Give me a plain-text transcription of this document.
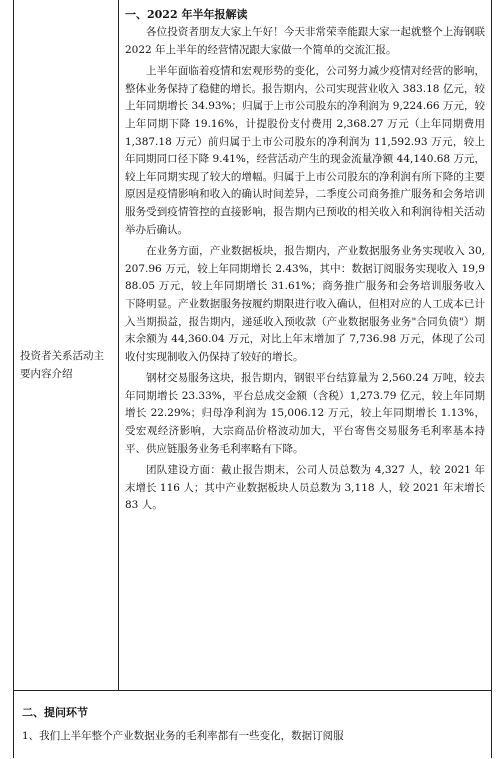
投资者关系活动主要内容介绍

一、2022 年半年报解读

各位投资者朋友大家上午好！今天非常荣幸能跟大家一起就整个上海钢联 2022 年上半年的经营情况跟大家做一个简单的交流汇报。

上半年面临着疫情和宏观形势的变化，公司努力减少疫情对经营的影响，整体业务保持了稳健的增长。报告期内，公司实现营业收入 383.18 亿元，较上年同期增长 34.93%；归属于上市公司股东的净利润为 9,224.66 万元，较上年同期下降 19.16%，计提股份支付费用 2,368.27 万元（上年同期费用 1,387.18 万元）前归属于上市公司股东的净利润为 11,592.93 万元，较上年同期同口径下降 9.41%，经营活动产生的现金流量净额 44,140.68 万元，较上年同期实现了较大的增幅。归属于上市公司股东的净利润有所下降的主要原因是疫情影响和收入的确认时间差异，二季度公司商务推广服务和会务培训服务受到疫情管控的直接影响，报告期内已预收的相关收入和利润待相关活动举办后确认。

在业务方面，产业数据板块，报告期内，产业数据服务业务实现收入 30,207.96 万元，较上年同期增长 2.43%，其中：数据订阅服务实现收入 19,988.05 万元，较上年同期增长 31.61%；商务推广服务和会务培训服务收入下降明显。产业数据服务按履约期限进行收入确认，但相对应的人工成本已计入当期损益，报告期内，递延收入预收款（产业数据服务业务"合同负债"）期末余额为 44,360.04 万元，对比上年末增加了 7,736.98 万元，体现了公司收付实现制收入仍保持了较好的增长。

钢材交易服务这块，报告期内，钢银平台结算量为 2,560.24 万吨，较去年同期增长 23.33%，平台总成交金额（含税）1,273.79 亿元，较上年同期增长 22.29%；归母净利润为 15,006.12 万元，较上年同期增长 1.13%，受宏观经济影响，大宗商品价格波动加大，平台寄售交易服务毛利率基本持平、供应链服务业务毛利率略有下降。

团队建设方面：截止报告期末，公司人员总数为 4,327 人，较 2021 年末增长 116 人；其中产业数据板块人员总数为 3,118 人，较 2021 年末增长 83 人。

二、提问环节

1、我们上半年整个产业数据业务的毛利率都有一些变化，数据订阅服
